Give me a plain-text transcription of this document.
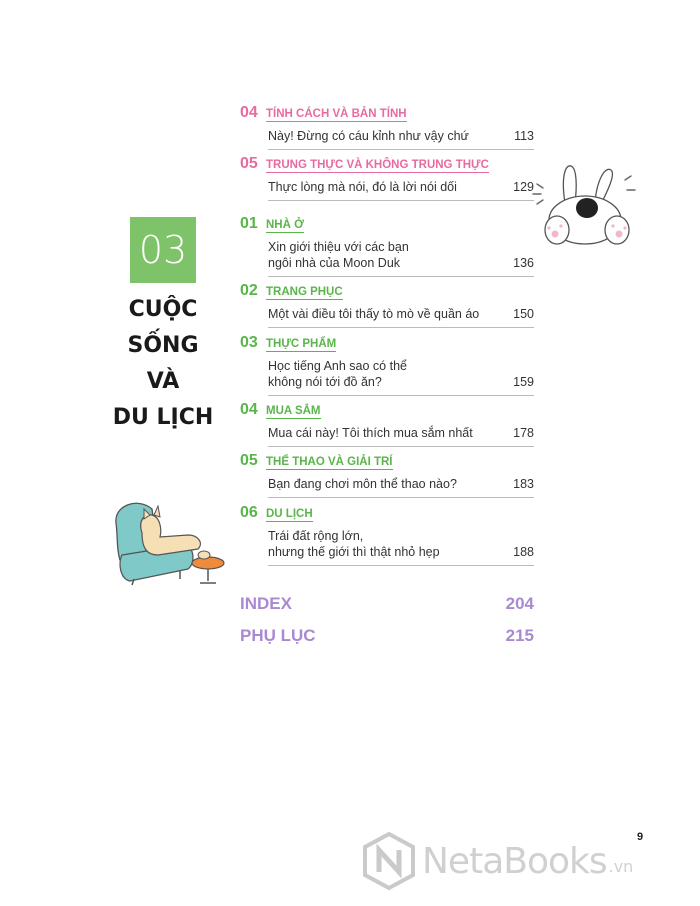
03
CUỘC SỐNG
VÀ
DU LỊCH
04 TÍNH CÁCH VÀ BẢN TÍNH
Này! Đừng có cáu kỉnh như vậy chứ	113
05 TRUNG THỰC VÀ KHÔNG TRUNG THỰC
Thực lòng mà nói, đó là lời nói dối	129
01 NHÀ Ở
Xin giới thiệu với các bạn
ngôi nhà của Moon Duk	136
02 TRANG PHỤC
Một vài điều tôi thấy tò mò về quần áo	150
03 THỰC PHẨM
Học tiếng Anh sao có thể
không nói tới đồ ăn?	159
04 MUA SẮM
Mua cái này! Tôi thích mua sắm nhất	178
05 THỂ THAO VÀ GIẢI TRÍ
Bạn đang chơi môn thể thao nào?	183
06 DU LỊCH
Trái đất rộng lớn,
nhưng thế giới thì thật nhỏ hẹp	188
INDEX	204
PHỤ LỤC	215
9
NetaBooks .vn
